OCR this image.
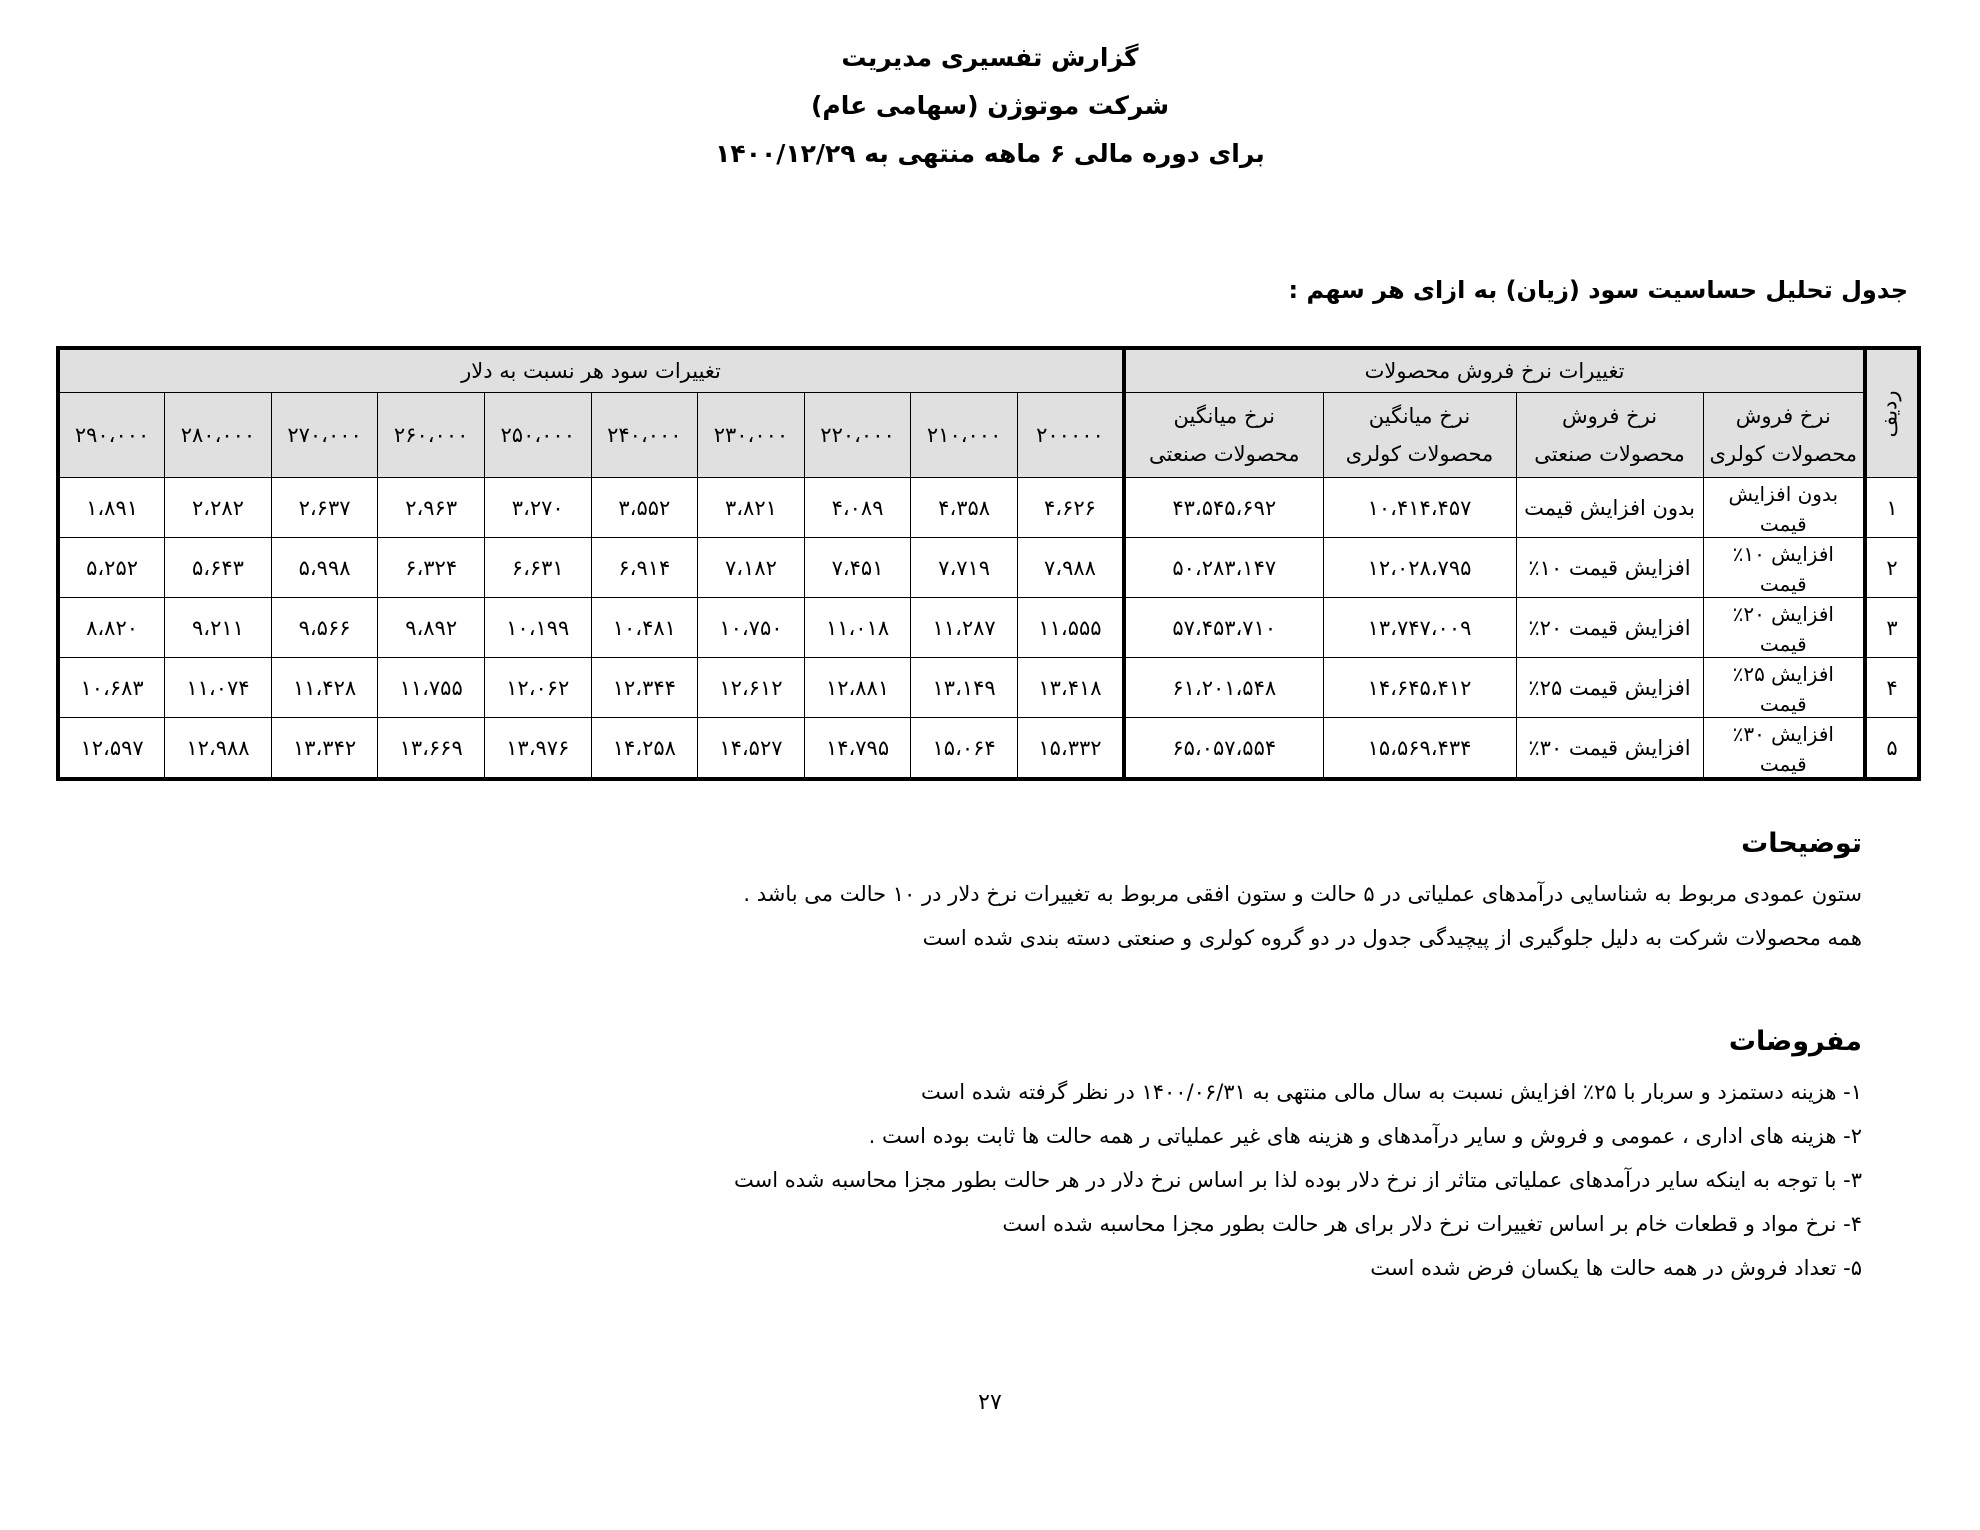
گزارش تفسیری مدیریت
شرکت موتوژن (سهامی عام)
برای دوره مالی ۶ ماهه منتهی به ۱۴۰۰/۱۲/۲۹
جدول تحلیل حساسیت سود (زیان) به ازای هر سهم :
ردیف	تغییرات نرخ فروش محصولات				تغییرات سود هر نسبت به دلار									
	نرخ فروش محصولات کولری	نرخ فروش محصولات صنعتی	نرخ میانگین محصولات کولری	نرخ میانگین محصولات صنعتی	۲۰۰۰۰۰	۲۱۰،۰۰۰	۲۲۰،۰۰۰	۲۳۰،۰۰۰	۲۴۰،۰۰۰	۲۵۰،۰۰۰	۲۶۰،۰۰۰	۲۷۰،۰۰۰	۲۸۰،۰۰۰	۲۹۰،۰۰۰
۱	بدون افزایش قیمت	بدون افزایش قیمت	۱۰،۴۱۴،۴۵۷	۴۳،۵۴۵،۶۹۲	۴،۶۲۶	۴،۳۵۸	۴،۰۸۹	۳،۸۲۱	۳،۵۵۲	۳،۲۷۰	۲،۹۶۳	۲،۶۳۷	۲،۲۸۲	۱،۸۹۱
۲	افزایش ۱۰٪ قیمت	افزایش قیمت ۱۰٪	۱۲،۰۲۸،۷۹۵	۵۰،۲۸۳،۱۴۷	۷،۹۸۸	۷،۷۱۹	۷،۴۵۱	۷،۱۸۲	۶،۹۱۴	۶،۶۳۱	۶،۳۲۴	۵،۹۹۸	۵،۶۴۳	۵،۲۵۲
۳	افزایش ۲۰٪ قیمت	افزایش قیمت ۲۰٪	۱۳،۷۴۷،۰۰۹	۵۷،۴۵۳،۷۱۰	۱۱،۵۵۵	۱۱،۲۸۷	۱۱،۰۱۸	۱۰،۷۵۰	۱۰،۴۸۱	۱۰،۱۹۹	۹،۸۹۲	۹،۵۶۶	۹،۲۱۱	۸،۸۲۰
۴	افزایش ۲۵٪ قیمت	افزایش قیمت ۲۵٪	۱۴،۶۴۵،۴۱۲	۶۱،۲۰۱،۵۴۸	۱۳،۴۱۸	۱۳،۱۴۹	۱۲،۸۸۱	۱۲،۶۱۲	۱۲،۳۴۴	۱۲،۰۶۲	۱۱،۷۵۵	۱۱،۴۲۸	۱۱،۰۷۴	۱۰،۶۸۳
۵	افزایش ۳۰٪ قیمت	افزایش قیمت ۳۰٪	۱۵،۵۶۹،۴۳۴	۶۵،۰۵۷،۵۵۴	۱۵،۳۳۲	۱۵،۰۶۴	۱۴،۷۹۵	۱۴،۵۲۷	۱۴،۲۵۸	۱۳،۹۷۶	۱۳،۶۶۹	۱۳،۳۴۲	۱۲،۹۸۸	۱۲،۵۹۷
توضیحات

ستون عمودی مربوط به شناسایی درآمدهای عملیاتی در ۵ حالت و ستون افقی مربوط به تغییرات نرخ دلار در ۱۰ حالت می باشد .

همه محصولات شرکت به دلیل جلوگیری از پیچیدگی جدول در دو گروه کولری و صنعتی دسته بندی شده است

مفروضات

۱- هزینه دستمزد و سربار با ۲۵٪ افزایش نسبت به سال مالی منتهی به ۱۴۰۰/۰۶/۳۱ در نظر گرفته شده است

۲- هزینه های اداری ، عمومی و فروش و سایر درآمدهای و هزینه های غیر عملیاتی ر همه حالت ها ثابت بوده است .

۳- با توجه به اینکه سایر درآمدهای عملیاتی متاثر از نرخ دلار بوده لذا بر اساس نرخ دلار در هر حالت بطور مجزا محاسبه شده است

۴- نرخ مواد و قطعات خام بر اساس تغییرات نرخ دلار برای هر حالت بطور مجزا محاسبه شده است

۵- تعداد فروش در همه حالت ها یکسان فرض شده است

۲۷
